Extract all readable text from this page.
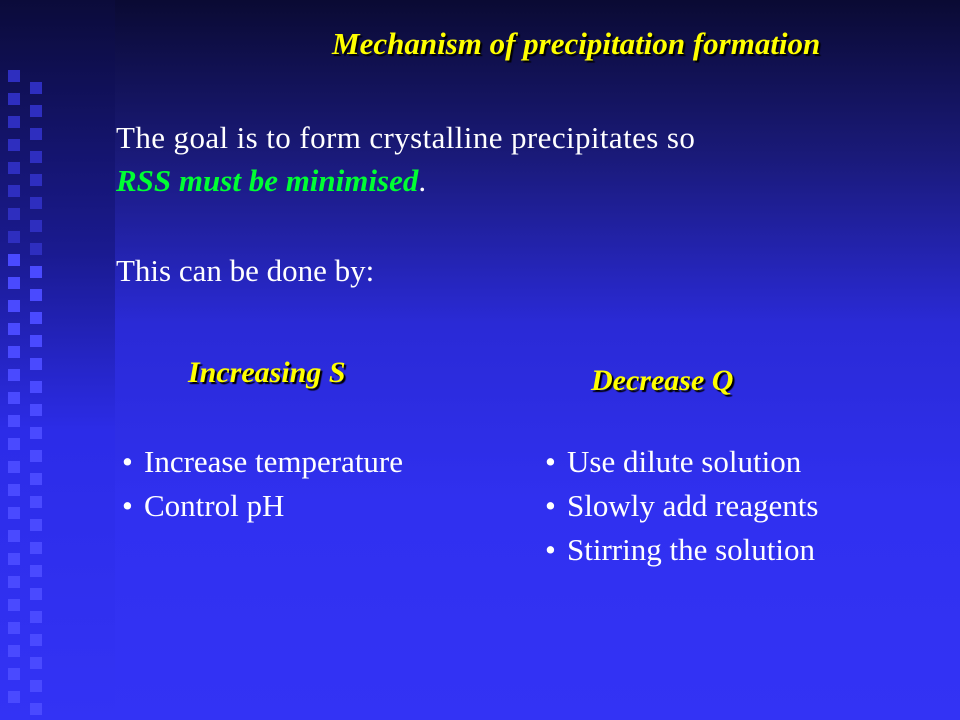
Mechanism of precipitation formation
The goal is to form crystalline precipitates so
RSS must be minimised.
This can be done by:
Increasing S	Decrease Q
• Increase temperature
• Control pH
• Use dilute solution
• Slowly add reagents
• Stirring the solution
